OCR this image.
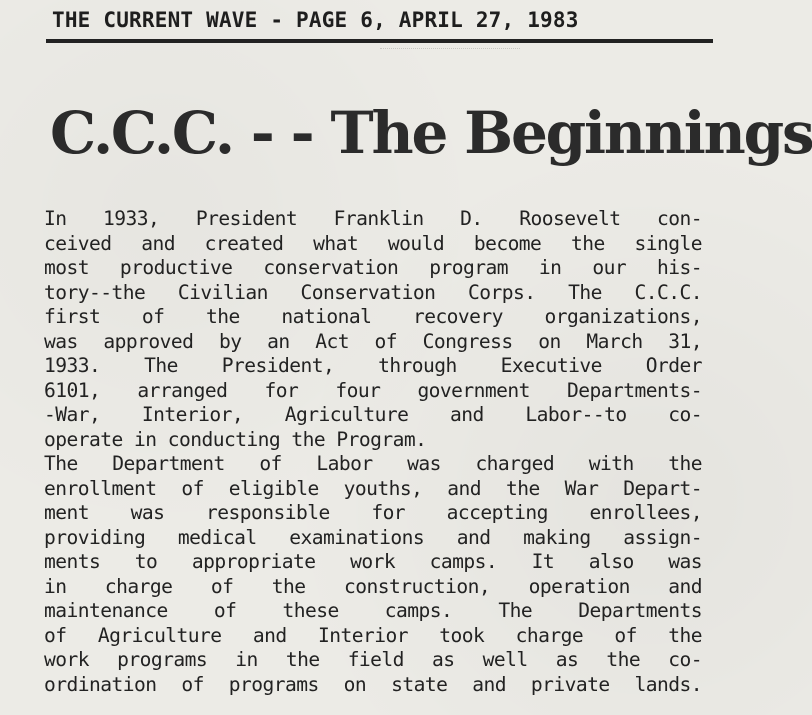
THE CURRENT WAVE - PAGE 6, APRIL 27, 1983
C.C.C. - - The Beginnings
In 1933, President Franklin D. Roosevelt con-
ceived and created what would become the single
most productive conservation program in our his-
tory--the Civilian Conservation Corps. The C.C.C.
first of the national recovery organizations,
was approved by an Act of Congress on March 31,
1933. The President, through Executive Order
6101, arranged for four government Departments-
-War, Interior, Agriculture and Labor--to co-
operate in conducting the Program.
The Department of Labor was charged with the
enrollment of eligible youths, and the War Depart-
ment was responsible for accepting enrollees,
providing medical examinations and making assign-
ments to appropriate work camps. It also was
in charge of the construction, operation and
maintenance of these camps. The Departments
of Agriculture and Interior took charge of the
work programs in the field as well as the co-
ordination of programs on state and private lands.
